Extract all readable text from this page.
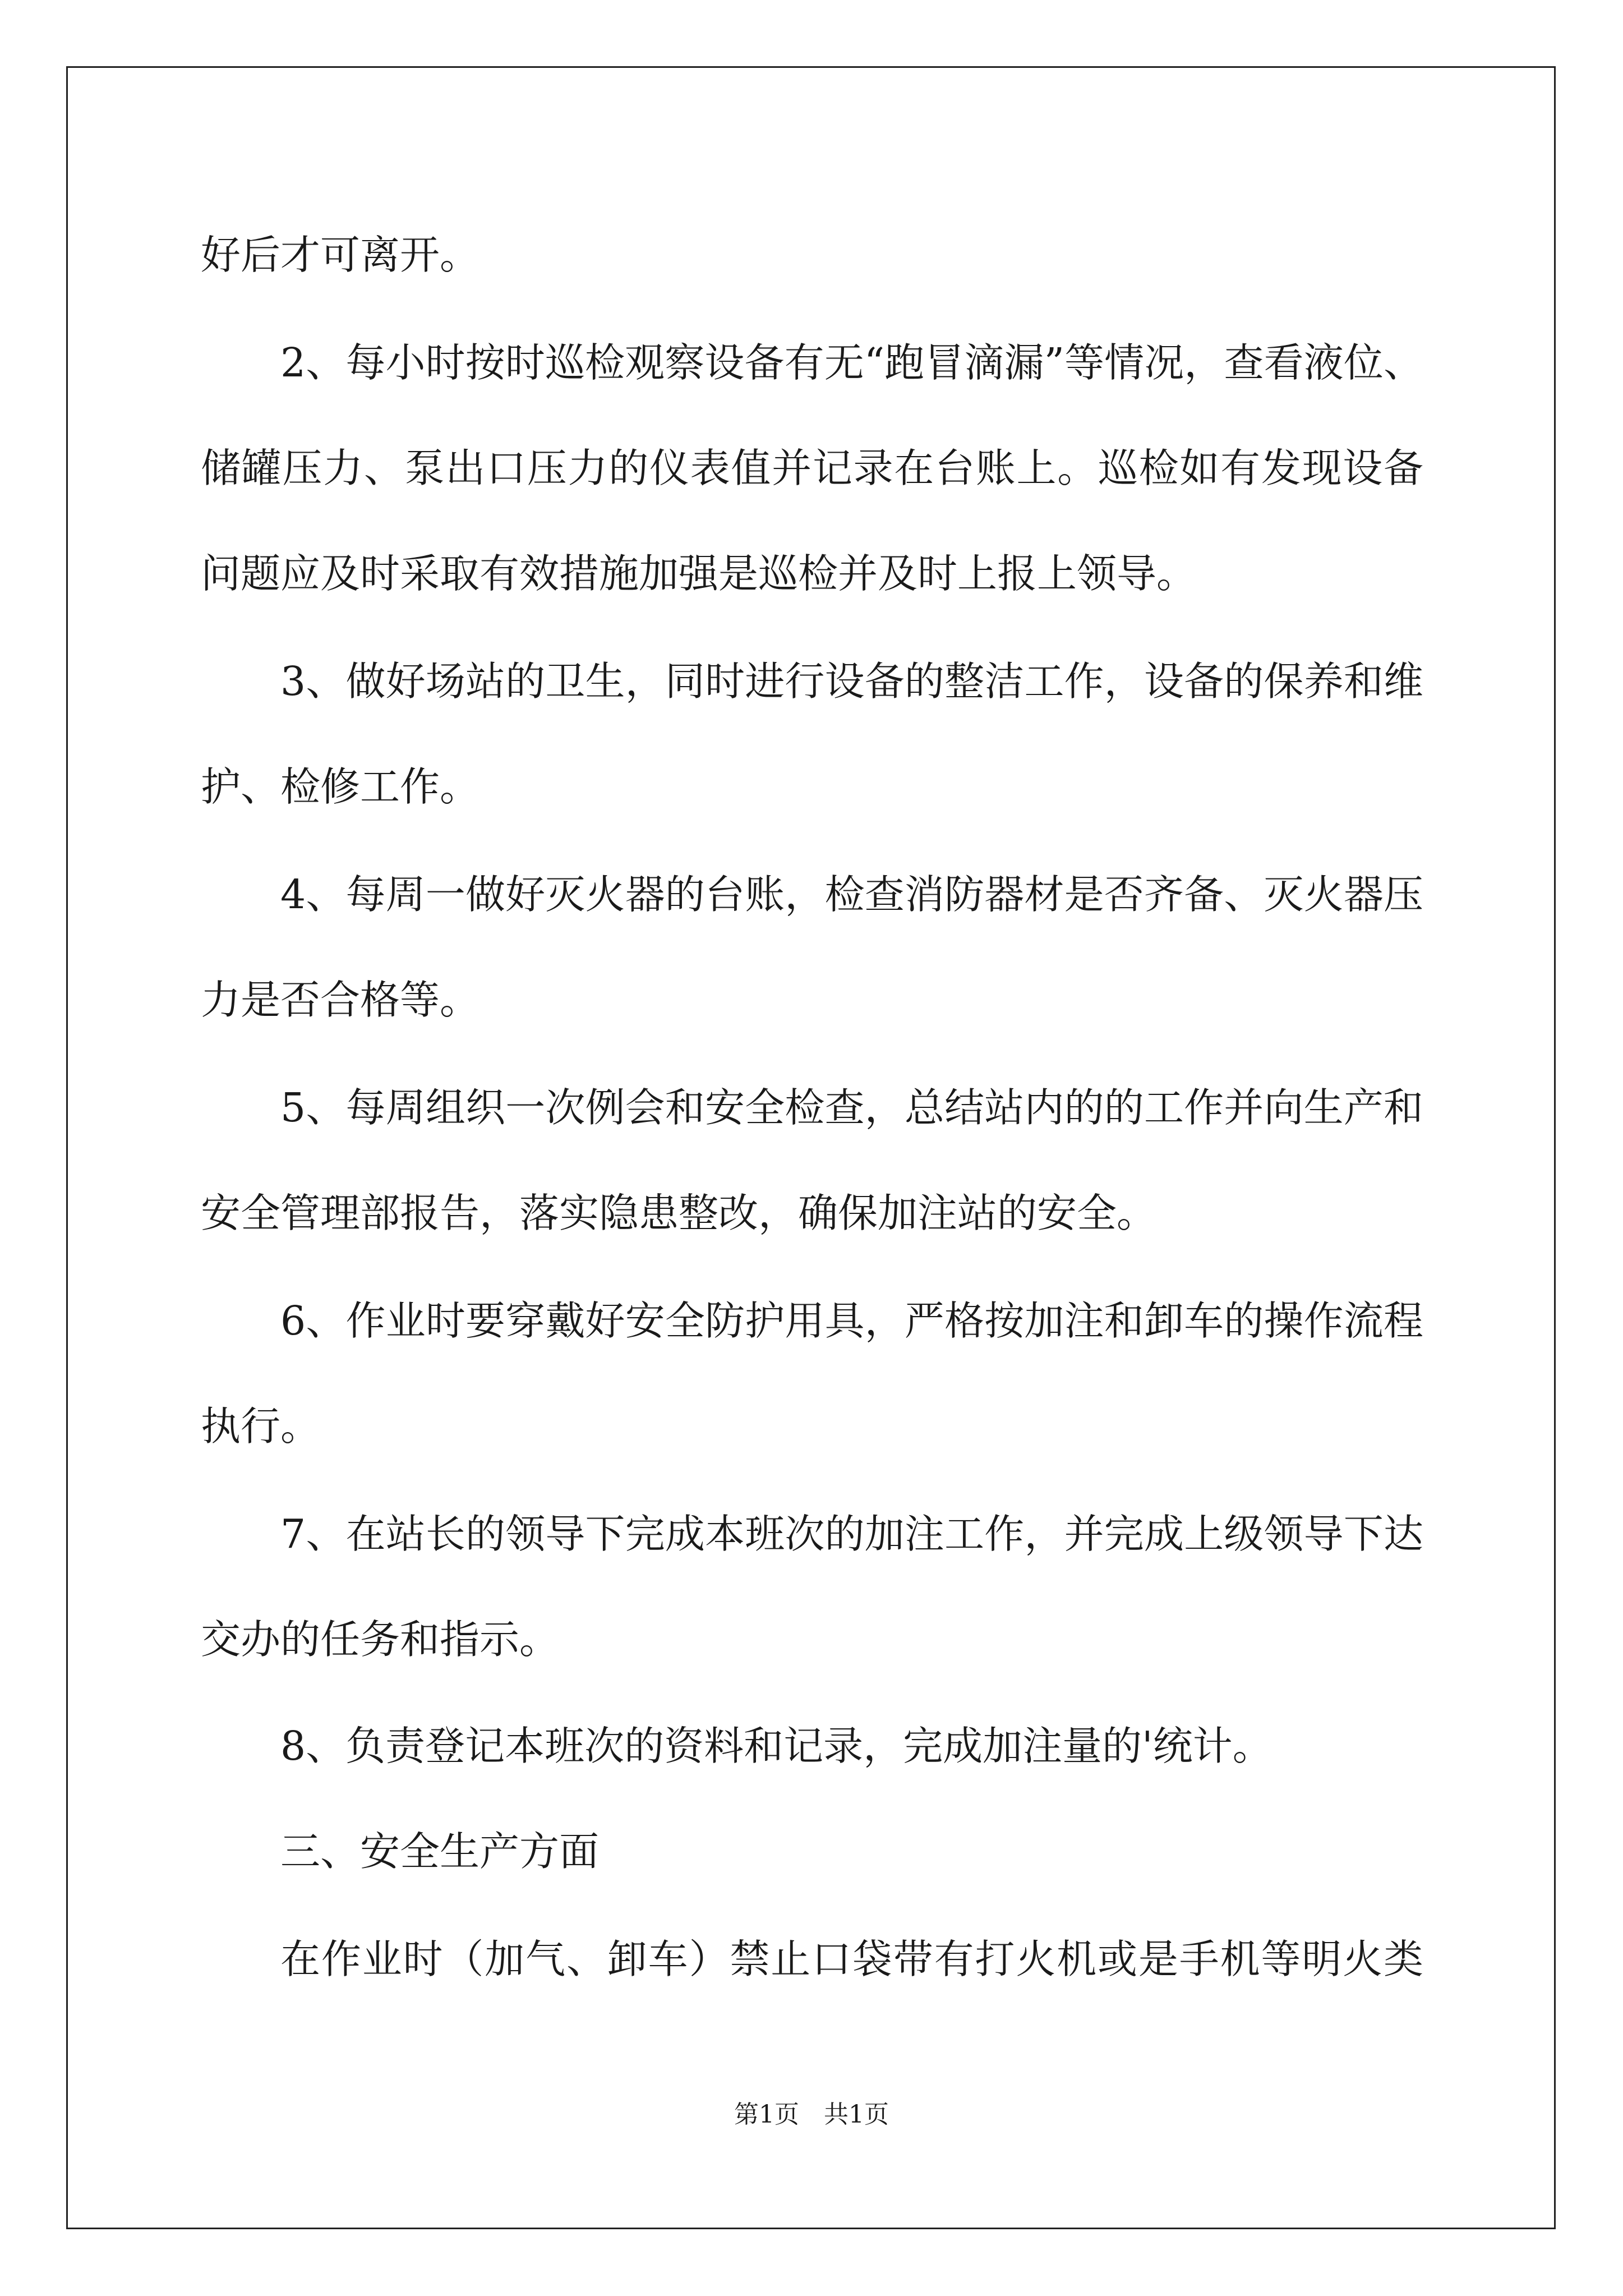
好后才可离开。
2、每小时按时巡检观察设备有无“跑冒滴漏”等情况，查看液位、
储罐压力、泵出口压力的仪表值并记录在台账上。巡检如有发现设备
问题应及时采取有效措施加强是巡检并及时上报上领导。
3、做好场站的卫生，同时进行设备的整洁工作，设备的保养和维
护、检修工作。
4、每周一做好灭火器的台账，检查消防器材是否齐备、灭火器压
力是否合格等。
5、每周组织一次例会和安全检查，总结站内的的工作并向生产和
安全管理部报告，落实隐患整改，确保加注站的安全。
6、作业时要穿戴好安全防护用具，严格按加注和卸车的操作流程
执行。
7、在站长的领导下完成本班次的加注工作，并完成上级领导下达
交办的任务和指示。
8、负责登记本班次的资料和记录，完成加注量的'统计。
三、安全生产方面
在作业时（加气、卸车）禁止口袋带有打火机或是手机等明火类
第1页　共1页
